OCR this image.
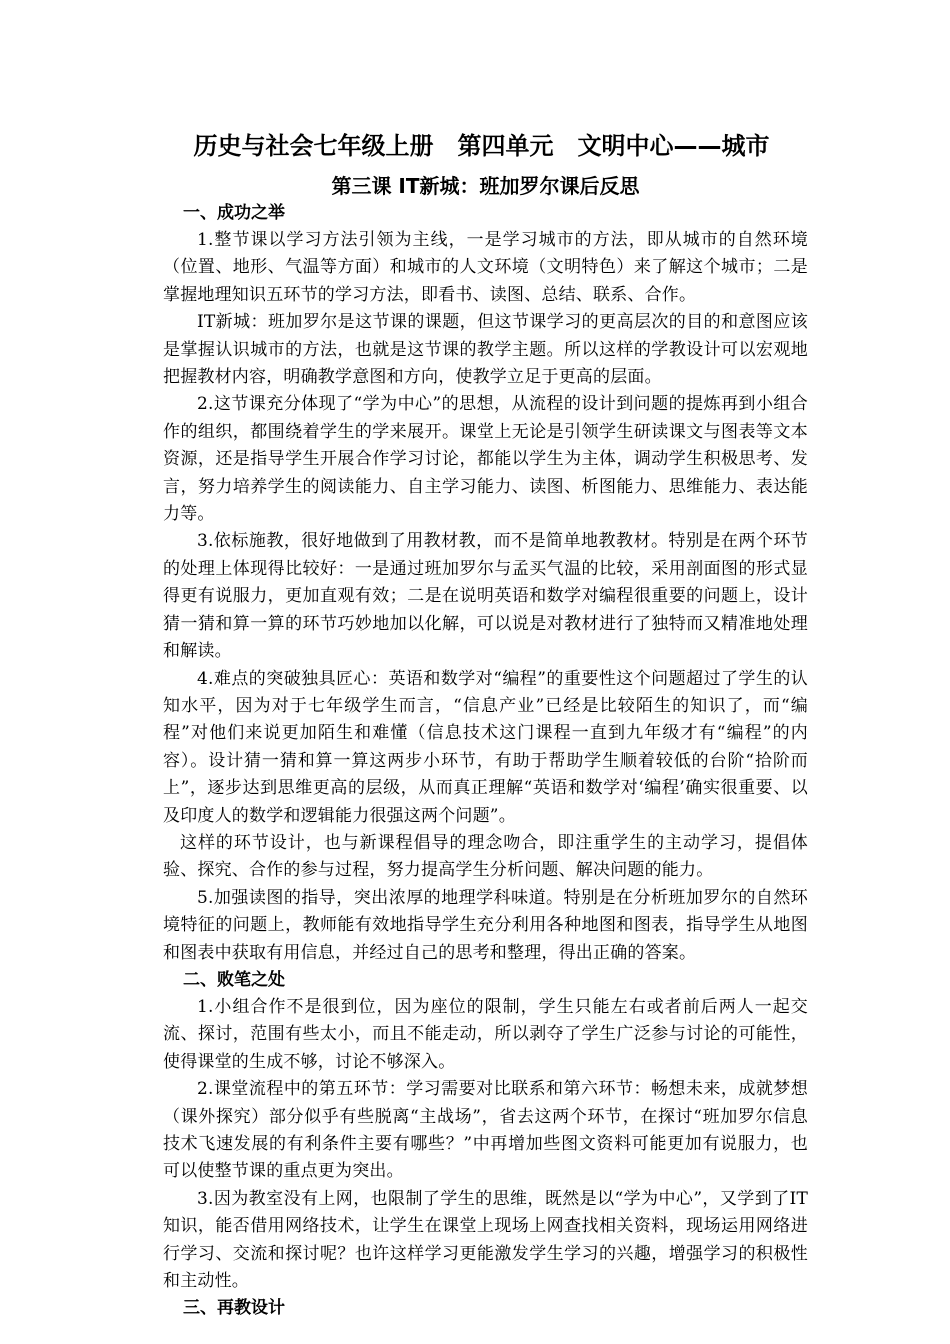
历史与社会七年级上册　第四单元　文明中心——城市
第三课 IT新城：班加罗尔课后反思
一、成功之举

1.整节课以学习方法引领为主线，一是学习城市的方法，即从城市的自然环境（位置、地形、气温等方面）和城市的人文环境（文明特色）来了解这个城市；二是掌握地理知识五环节的学习方法，即看书、读图、总结、联系、合作。

IT新城：班加罗尔是这节课的课题，但这节课学习的更高层次的目的和意图应该是掌握认识城市的方法，也就是这节课的教学主题。所以这样的学教设计可以宏观地把握教材内容，明确教学意图和方向，使教学立足于更高的层面。

2.这节课充分体现了“学为中心”的思想，从流程的设计到问题的提炼再到小组合作的组织，都围绕着学生的学来展开。课堂上无论是引领学生研读课文与图表等文本资源，还是指导学生开展合作学习讨论，都能以学生为主体，调动学生积极思考、发言，努力培养学生的阅读能力、自主学习能力、读图、析图能力、思维能力、表达能力等。

3.依标施教，很好地做到了用教材教，而不是简单地教教材。特别是在两个环节的处理上体现得比较好：一是通过班加罗尔与孟买气温的比较，采用剖面图的形式显得更有说服力，更加直观有效；二是在说明英语和数学对编程很重要的问题上，设计猜一猜和算一算的环节巧妙地加以化解，可以说是对教材进行了独特而又精准地处理和解读。

4.难点的突破独具匠心：英语和数学对“编程”的重要性这个问题超过了学生的认知水平，因为对于七年级学生而言，“信息产业”已经是比较陌生的知识了，而“编程”对他们来说更加陌生和难懂（信息技术这门课程一直到九年级才有“编程”的内容）。设计猜一猜和算一算这两步小环节，有助于帮助学生顺着较低的台阶“拾阶而上”，逐步达到思维更高的层级，从而真正理解“英语和数学对‘编程’确实很重要、以及印度人的数学和逻辑能力很强这两个问题”。

这样的环节设计，也与新课程倡导的理念吻合，即注重学生的主动学习，提倡体验、探究、合作的参与过程，努力提高学生分析问题、解决问题的能力。

5.加强读图的指导，突出浓厚的地理学科味道。特别是在分析班加罗尔的自然环境特征的问题上，教师能有效地指导学生充分利用各种地图和图表，指导学生从地图和图表中获取有用信息，并经过自己的思考和整理，得出正确的答案。

二、败笔之处

1.小组合作不是很到位，因为座位的限制，学生只能左右或者前后两人一起交流、探讨，范围有些太小，而且不能走动，所以剥夺了学生广泛参与讨论的可能性，使得课堂的生成不够，讨论不够深入。

2.课堂流程中的第五环节：学习需要对比联系和第六环节：畅想未来，成就梦想（课外探究）部分似乎有些脱离“主战场”，省去这两个环节，在探讨“班加罗尔信息技术飞速发展的有利条件主要有哪些？”中再增加些图文资料可能更加有说服力，也可以使整节课的重点更为突出。

3.因为教室没有上网，也限制了学生的思维，既然是以“学为中心”，又学到了IT知识，能否借用网络技术，让学生在课堂上现场上网查找相关资料，现场运用网络进行学习、交流和探讨呢？也许这样学习更能激发学生学习的兴趣，增强学习的积极性和主动性。

三、再教设计
